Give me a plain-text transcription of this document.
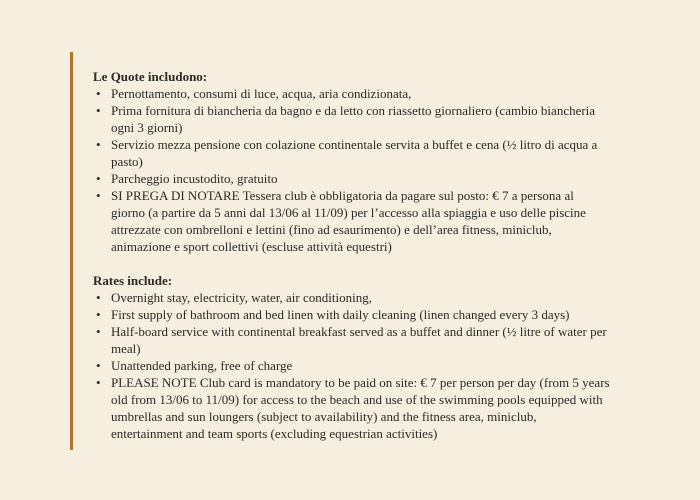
Le Quote includono:

• Pernottamento, consumi di luce, acqua, aria condizionata,
• Prima fornitura di biancheria da bagno e da letto con riassetto giornaliero (cambio biancheria ogni 3 giorni)
• Servizio mezza pensione con colazione continentale servita a buffet e cena (½ litro di acqua a pasto)
• Parcheggio incustodito, gratuito
• SI PREGA DI NOTARE Tessera club è obbligatoria da pagare sul posto: € 7 a persona al giorno (a partire da 5 anni dal 13/06 al 11/09) per l’accesso alla spiaggia e uso delle piscine attrezzate con ombrelloni e lettini (fino ad esaurimento) e dell’area fitness, miniclub, animazione e sport collettivi (escluse attività equestri)

Rates include:

• Overnight stay, electricity, water, air conditioning,
• First supply of bathroom and bed linen with daily cleaning (linen changed every 3 days)
• Half-board service with continental breakfast served as a buffet and dinner (½ litre of water per meal)
• Unattended parking, free of charge
• PLEASE NOTE Club card is mandatory to be paid on site: € 7 per person per day (from 5 years old from 13/06 to 11/09) for access to the beach and use of the swimming pools equipped with umbrellas and sun loungers (subject to availability) and the fitness area, miniclub, entertainment and team sports (excluding equestrian activities)
